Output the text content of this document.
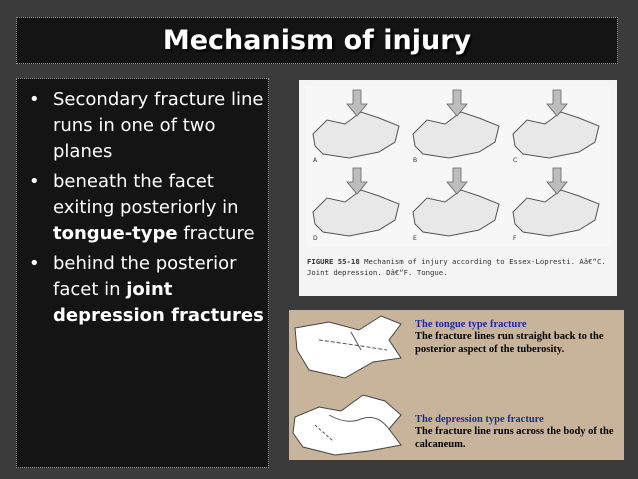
Mechanism of injury
• Secondary fracture line runs in one of two planes
• beneath the facet exiting posteriorly in tongue-type fracture
• behind the posterior facet in joint depression fractures
A	B	C
D	E	F
FIGURE 55-18 Mechanism of injury according to Essex-Lopresti. Aâ€“C. Joint depression. Dâ€“F. Tongue.
The tongue type fracture
The fracture lines run straight back to the posterior aspect of the tuberosity.
The depression type fracture
The fracture line runs across the body of the calcaneum.
